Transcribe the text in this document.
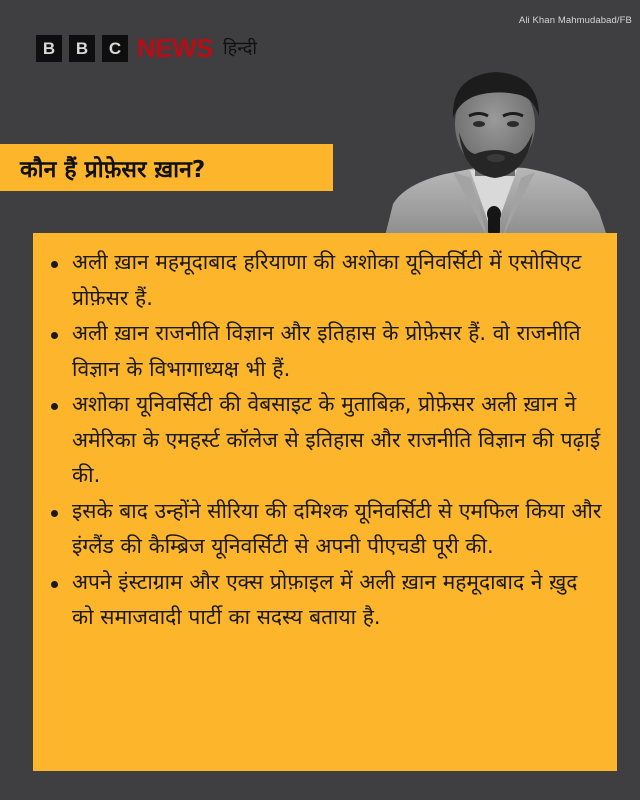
Ali Khan Mahmudabad/FB
B	B	C NEWS हिन्दी
कौन हैं प्रोफ़ेसर ख़ान?
अली ख़ान महमूदाबाद हरियाणा की अशोका यूनिवर्सिटी में एसोसिएट प्रोफ़ेसर हैं.
अली ख़ान राजनीति विज्ञान और इतिहास के प्रोफ़ेसर हैं. वो राजनीति विज्ञान के विभागाध्यक्ष भी हैं.
अशोका यूनिवर्सिटी की वेबसाइट के मुताबिक़, प्रोफ़ेसर अली ख़ान ने अमेरिका के एमहर्स्ट कॉलेज से इतिहास और राजनीति विज्ञान की पढ़ाई की.
इसके बाद उन्होंने सीरिया की दमिश्क यूनिवर्सिटी से एमफिल किया और इंग्लैंड की कैम्ब्रिज यूनिवर्सिटी से अपनी पीएचडी पूरी की.
अपने इंस्टाग्राम और एक्स प्रोफ़ाइल में अली ख़ान महमूदाबाद ने ख़ुद को समाजवादी पार्टी का सदस्य बताया है.
